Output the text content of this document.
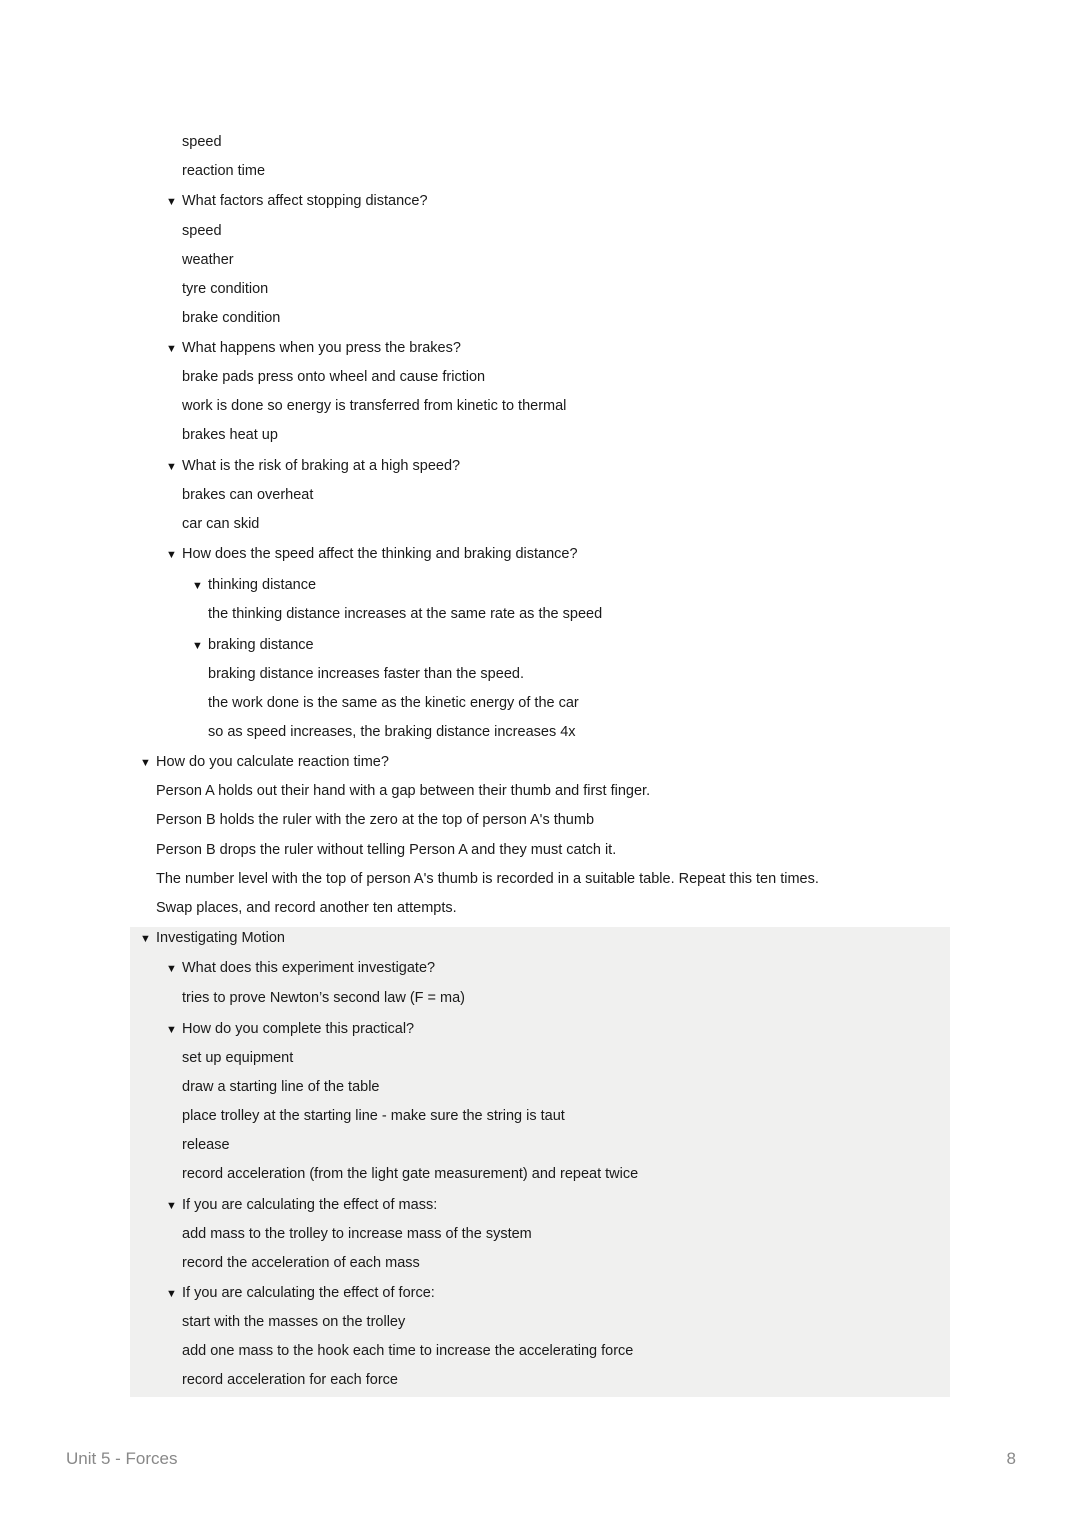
speed
reaction time
▼ What factors affect stopping distance?
speed
weather
tyre condition
brake condition
▼ What happens when you press the brakes?
brake pads press onto wheel and cause friction
work is done so energy is transferred from kinetic to thermal
brakes heat up
▼ What is the risk of braking at a high speed?
brakes can overheat
car can skid
▼ How does the speed affect the thinking and braking distance?
▼ thinking distance
the thinking distance increases at the same rate as the speed
▼ braking distance
braking distance increases faster than the speed.
the work done is the same as the kinetic energy of the car
so as speed increases, the braking distance increases 4x
▼ How do you calculate reaction time?
Person A holds out their hand with a gap between their thumb and first finger.
Person B holds the ruler with the zero at the top of person A's thumb
Person B drops the ruler without telling Person A and they must catch it.
The number level with the top of person A's thumb is recorded in a suitable table. Repeat this ten times.
Swap places, and record another ten attempts.
▼ Investigating Motion
▼ What does this experiment investigate?
tries to prove Newton’s second law (F = ma)
▼ How do you complete this practical?
set up equipment
draw a starting line of the table
place trolley at the starting line - make sure the string is taut
release
record acceleration (from the light gate measurement) and repeat twice
▼ If you are calculating the effect of mass:
add mass to the trolley to increase mass of the system
record the acceleration of each mass
▼ If you are calculating the effect of force:
start with the masses on the trolley
add one mass to the hook each time to increase the accelerating force
record acceleration for each force
Unit 5 - Forces	8
